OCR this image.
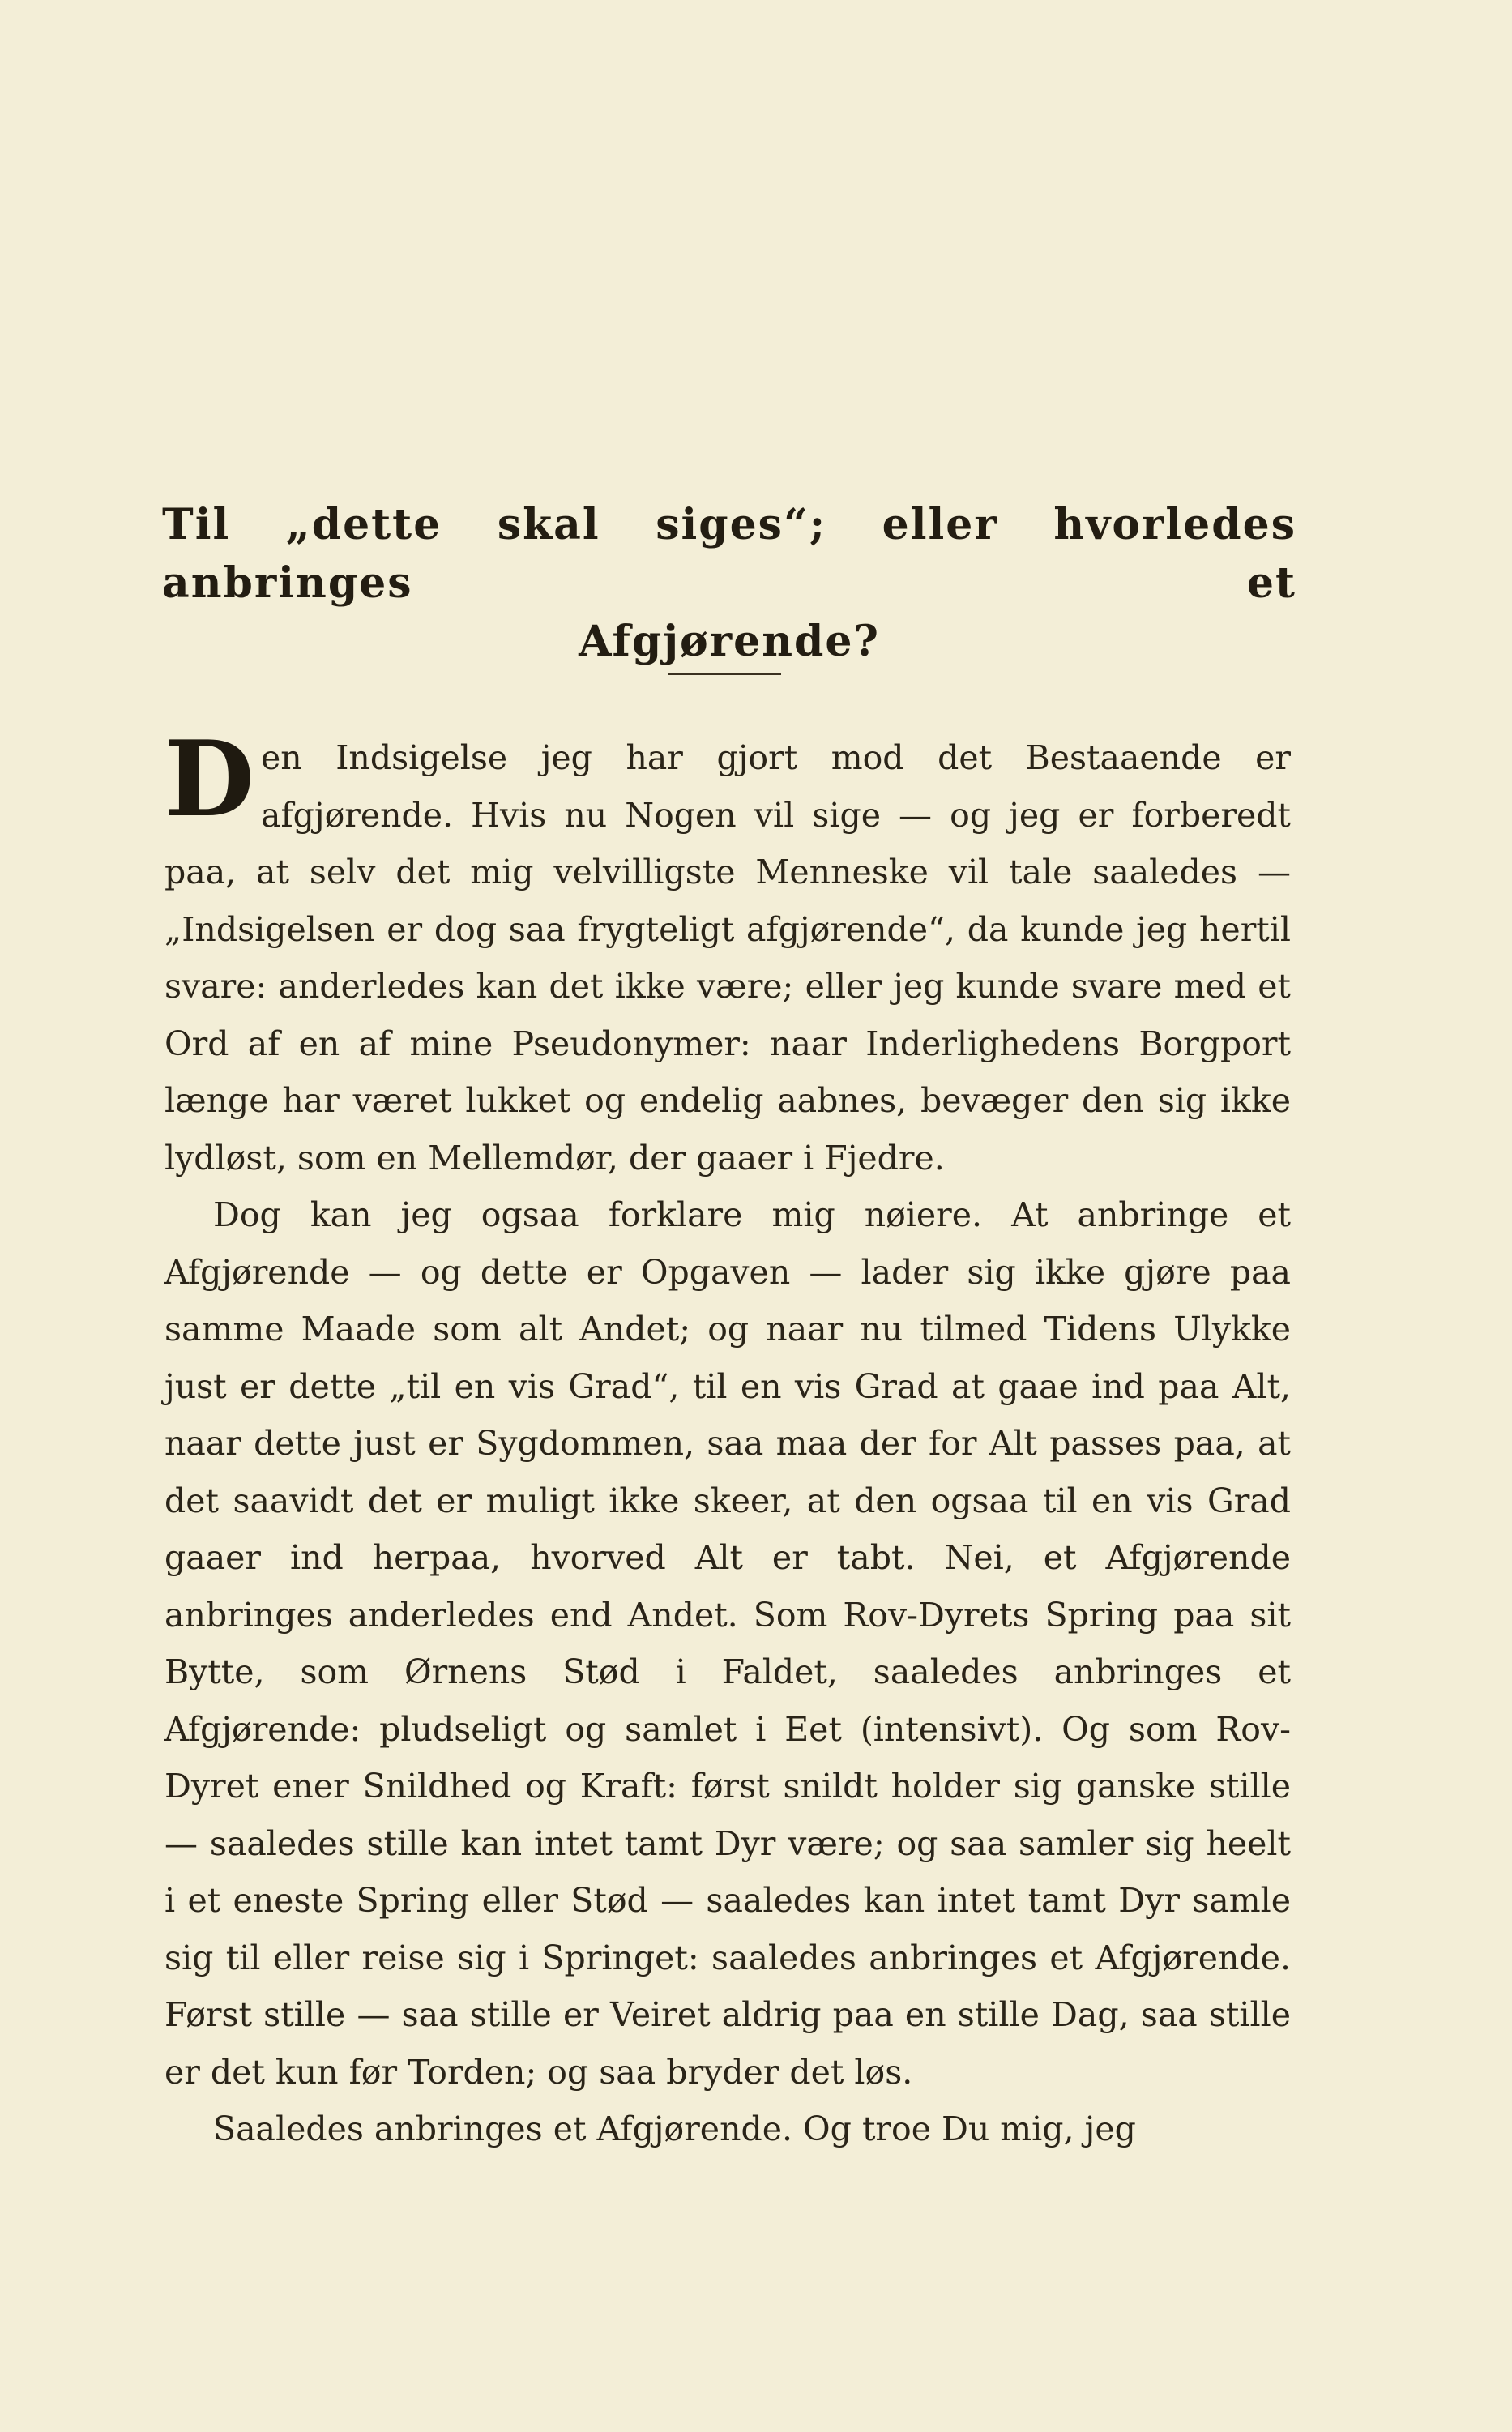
Til „dette skal siges“; eller hvorledes anbringes et
Afgjørende?

Den Indsigelse jeg har gjort mod det Bestaaende er afgjørende. Hvis nu Nogen vil sige — og jeg er forberedt paa, at selv det mig velvilligste Menneske vil tale saaledes — „Indsigelsen er dog saa frygteligt afgjørende“, da kunde jeg hertil svare: anderledes kan det ikke være; eller jeg kunde svare med et Ord af en af mine Pseudonymer: naar Inderlighedens Borgport længe har været lukket og endelig aabnes, bevæger den sig ikke lydløst, som en Mellemdør, der gaaer i Fjedre.

Dog kan jeg ogsaa forklare mig nøiere. At anbringe et Afgjørende — og dette er Opgaven — lader sig ikke gjøre paa samme Maade som alt Andet; og naar nu tilmed Tidens Ulykke just er dette „til en vis Grad“, til en vis Grad at gaae ind paa Alt, naar dette just er Sygdommen, saa maa der for Alt passes paa, at det saavidt det er muligt ikke skeer, at den ogsaa til en vis Grad gaaer ind herpaa, hvorved Alt er tabt. Nei, et Afgjørende anbringes anderledes end Andet. Som Rov-Dyrets Spring paa sit Bytte, som Ørnens Stød i Faldet, saaledes anbringes et Afgjørende: pludseligt og samlet i Eet (intensivt). Og som Rov-Dyret ener Snildhed og Kraft: først snildt holder sig ganske stille — saaledes stille kan intet tamt Dyr være; og saa samler sig heelt i et eneste Spring eller Stød — saaledes kan intet tamt Dyr samle sig til eller reise sig i Springet: saaledes anbringes et Afgjørende. Først stille — saa stille er Veiret aldrig paa en stille Dag, saa stille er det kun før Torden; og saa bryder det løs.

Saaledes anbringes et Afgjørende. Og troe Du mig, jeg
